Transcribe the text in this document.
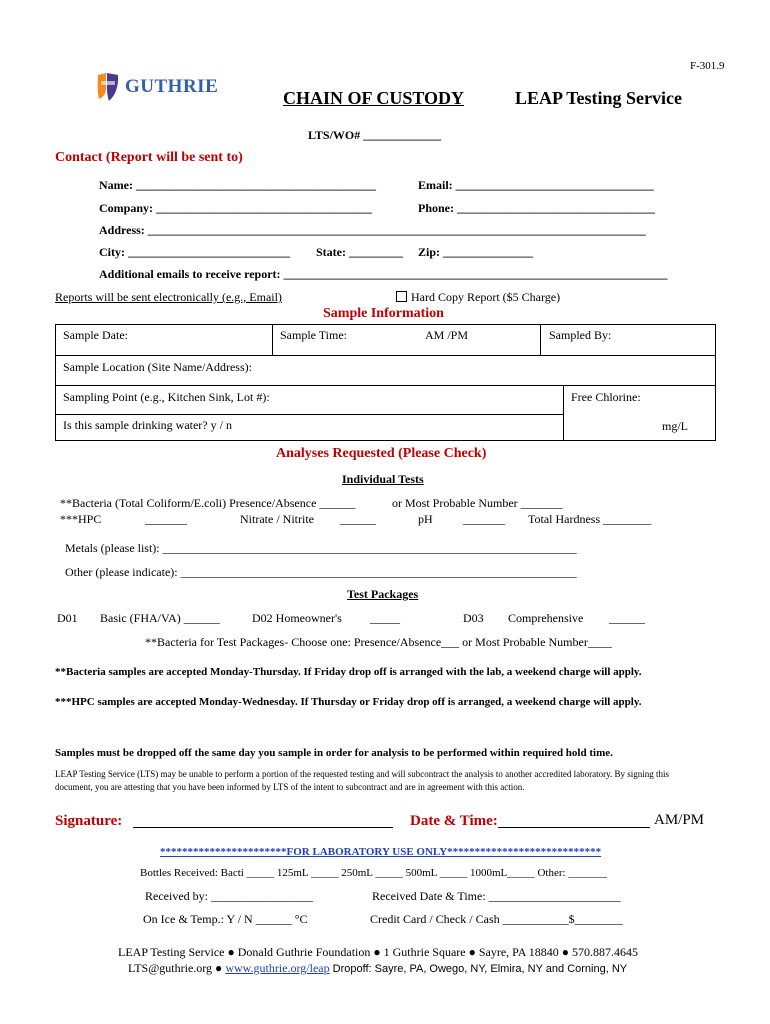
F-301.9
GUTHRIE
CHAIN OF CUSTODY	LEAP Testing Service
LTS/WO# _____________
Contact (Report will be sent to)
Name: ________________________________________	Email: _________________________________
Company: ____________________________________	Phone: _________________________________
Address: ___________________________________________________________________________________
City: ___________________________ State: _________ Zip: _______________
Additional emails to receive report: ________________________________________________________________
Reports will be sent electronically (e.g., Email)	Hard Copy Report ($5 Charge)
Sample Information
Sample Date:	Sample Time:	AM /PM	Sampled By:
Sample Location (Site Name/Address):
Sampling Point (e.g., Kitchen Sink, Lot #):	Free Chlorine:
mg/L
Is this sample drinking water? y / n
Analyses Requested (Please Check)
Individual Tests
**Bacteria (Total Coliform/E.coli) Presence/Absence ______	or Most Probable Number _______
***HPC	_______	Nitrate / Nitrite ______	pH	_______ Total Hardness ________
Metals (please list): _____________________________________________________________________
Other (please indicate): __________________________________________________________________
Test Packages
D01 Basic (FHA/VA) ______	D02 Homeowner's _____	D03 Comprehensive ______
**Bacteria for Test Packages- Choose one: Presence/Absence___ or Most Probable Number____
**Bacteria samples are accepted Monday-Thursday. If Friday drop off is arranged with the lab, a weekend charge will apply.
***HPC samples are accepted Monday-Wednesday. If Thursday or Friday drop off is arranged, a weekend charge will apply.
Samples must be dropped off the same day you sample in order for analysis to be performed within required hold time.
LEAP Testing Service (LTS) may be unable to perform a portion of the requested testing and will subcontract the analysis to another accredited laboratory. By signing this document, you are attesting that you have been informed by LTS of the intent to subcontract and are in agreement with this action.
Signature:	Date & Time:	AM/PM
***********************FOR LABORATORY USE ONLY****************************
Bottles Received: Bacti _____ 125mL _____ 250mL _____ 500mL _____ 1000mL_____ Other: _______
Received by: _________________	Received Date & Time: ______________________
On Ice & Temp.: Y / N ______ °C	Credit Card / Check / Cash ___________$________
LEAP Testing Service ● Donald Guthrie Foundation ● 1 Guthrie Square ● Sayre, PA 18840 ● 570.887.4645
LTS@guthrie.org ● www.guthrie.org/leap Dropoff: Sayre, PA, Owego, NY, Elmira, NY and Corning, NY
